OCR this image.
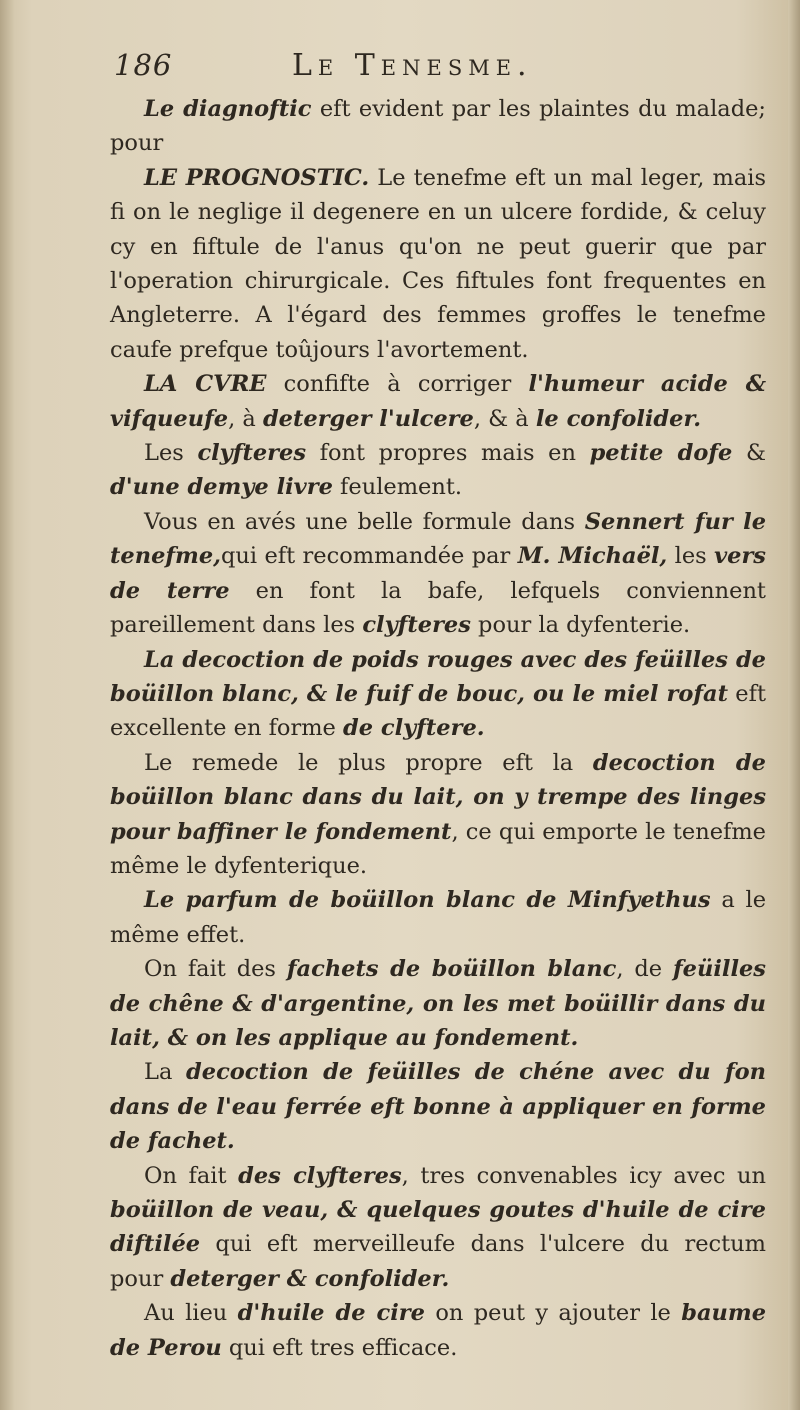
186	Le Tenesme.

Le diagnoftic eft evident par les plaintes du malade; pour

LE PROGNOSTIC. Le tenefme eft un mal leger, mais fi on le neglige il degenere en un ulcere fordide, & celuy cy en fiftule de l'anus qu'on ne peut guerir que par l'operation chirurgicale. Ces fiftules font frequentes en Angleterre. A l'égard des femmes groffes le tenefme caufe prefque toûjours l'avortement.

LA CVRE confifte à corriger l'humeur acide & vifqueufe, à deterger l'ulcere, & à le confolider.

Les clyfteres font propres mais en petite dofe & d'une demye livre feulement.

Vous en avés une belle formule dans Sennert fur le tenefme,qui eft recommandée par M. Michaël, les vers de terre en font la bafe, lefquels conviennent pareillement dans les clyfteres pour la dyfenterie.

La decoction de poids rouges avec des feüilles de boüillon blanc, & le fuif de bouc, ou le miel rofat eft excellente en forme de clyftere.

Le remede le plus propre eft la decoction de boüillon blanc dans du lait, on y trempe des linges pour baffiner le fondement, ce qui emporte le tenefme même le dyfenterique.

Le parfum de boüillon blanc de Minfyethus a le même effet.

On fait des fachets de boüillon blanc, de feüilles de chêne & d'argentine, on les met boüillir dans du lait, & on les applique au fondement.

La decoction de feüilles de chéne avec du fon dans de l'eau ferrée eft bonne à appliquer en forme de fachet.

On fait des clyfteres, tres convenables icy avec un boüillon de veau, & quelques goutes d'huile de cire diftilée qui eft merveilleufe dans l'ulcere du rectum pour deterger & confolider.

Au lieu d'huile de cire on peut y ajouter le baume de Perou qui eft tres efficace.
